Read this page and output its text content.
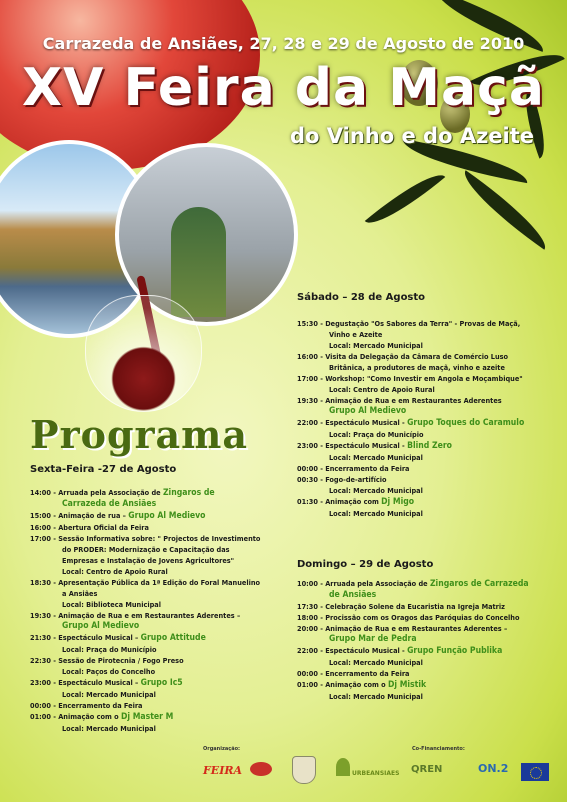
Carrazeda de Ansiães, 27, 28 e 29 de Agosto de 2010
XV Feira da Maçã
do Vinho e do Azeite
Programa
Sexta-Feira -27 de Agosto
14:00 - Arruada pela Associação de Zingaros de
Carrazeda de Ansiães
15:00 - Animação de rua – Grupo Al Medievo
16:00 - Abertura Oficial da Feira
17:00 - Sessão Informativa sobre: " Projectos de Investimento
do PRODER: Modernização e Capacitação das
Empresas e Instalação de Jovens Agricultores"
Local: Centro de Apoio Rural
18:30 - Apresentação Pública da 1ª Edição do Foral Manuelino
a Ansiães
Local: Biblioteca Municipal
19:30 - Animação de Rua e em Restaurantes Aderentes –
Grupo Al Medievo
21:30 - Espectáculo Musical – Grupo Attitude
Local: Praça do Município
22:30 - Sessão de Pirotecnia / Fogo Preso
Local: Paços do Concelho
23:00 - Espectáculo Musical – Grupo Ic5
Local: Mercado Municipal
00:00 - Encerramento da Feira
01:00 - Animação com o Dj Master M
Local: Mercado Municipal
Sábado – 28 de Agosto
15:30 - Degustação "Os Sabores da Terra" - Provas de Maçã,
Vinho e Azeite
Local: Mercado Municipal
16:00 - Visita da Delegação da Câmara de Comércio Luso
Britânica, a produtores de maçã, vinho e azeite
17:00 - Workshop: "Como Investir em Angola e Moçambique"
Local: Centro de Apoio Rural
19:30 - Animação de Rua e em Restaurantes Aderentes
Grupo Al Medievo
22:00 - Espectáculo Musical - Grupo Toques do Caramulo
Local: Praça do Município
23:00 - Espectáculo Musical - Blind Zero
Local: Mercado Municipal
00:00 - Encerramento da Feira
00:30 - Fogo-de-artifício
Local: Mercado Municipal
01:30 - Animação com Dj Migo
Local: Mercado Municipal
Domingo – 29 de Agosto
10:00 - Arruada pela Associação de Zingaros de Carrazeda
de Ansiães
17:30 - Celebração Solene da Eucaristia na Igreja Matriz
18:00 - Procissão com os Oragos das Paróquias do Concelho
20:00 - Animação de Rua e em Restaurantes Aderentes –
Grupo Mar de Pedra
22:00 - Espectáculo Musical - Grupo Função Publika
Local: Mercado Municipal
00:00 - Encerramento da Feira
01:00 - Animação com o Dj Mistik
Local: Mercado Municipal
Organização:	Co-Financiamento:
FEIRA	URBEANSIAES QREN	ON.2
